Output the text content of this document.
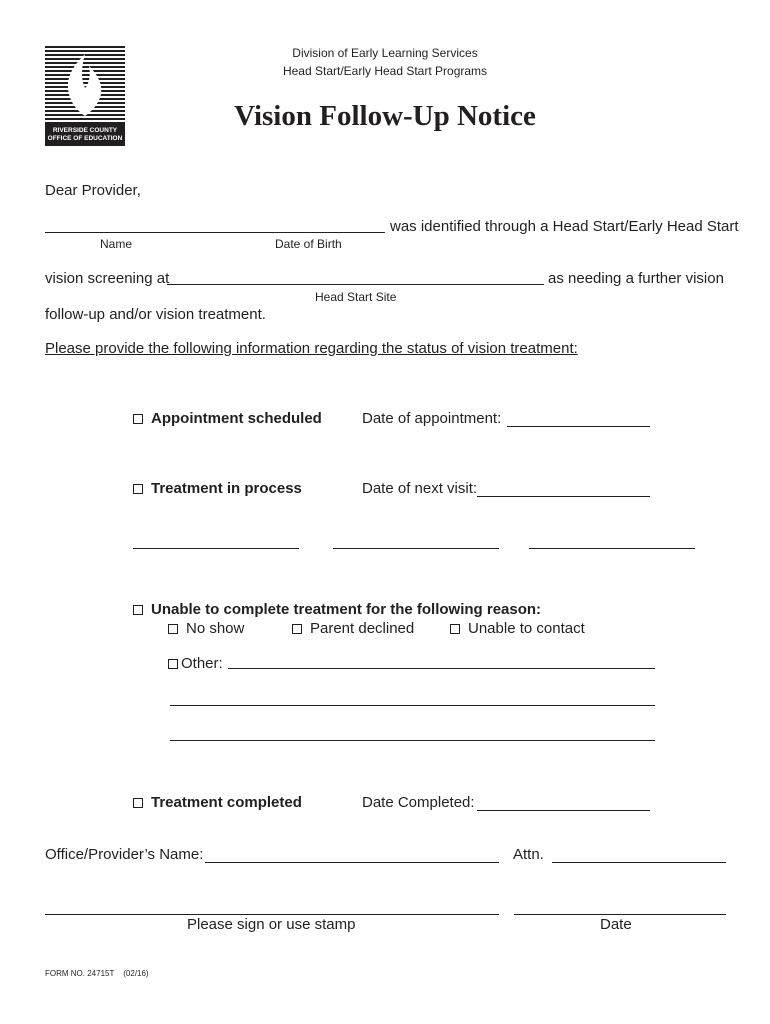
RIVERSIDE COUNTY
OFFICE OF EDUCATION
Division of Early Learning Services
Head Start/Early Head Start Programs
Vision Follow-Up Notice
Dear Provider,
was identified through a Head Start/Early Head Start
Name	Date of Birth
vision screening at	as needing a further vision
Head Start Site
follow-up and/or vision treatment.
Please provide the following information regarding the status of vision treatment:
Appointment scheduled	Date of appointment:
Treatment in process	Date of next visit:
Unable to complete treatment for the following reason:
No show	Parent declined	Unable to contact
Other:
Treatment completed	Date Completed:
Office/Provider’s Name:	Attn.
Please sign or use stamp	Date
FORM NO. 24715T (02/16)
